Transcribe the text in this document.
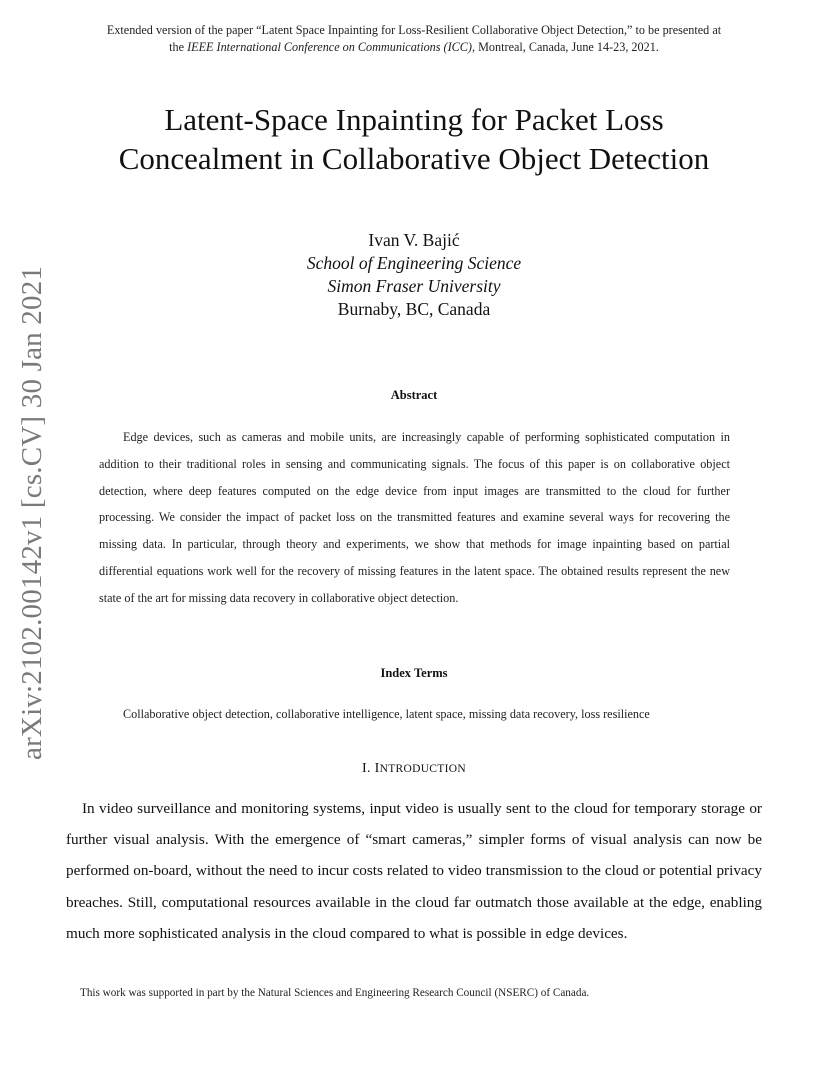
Extended version of the paper “Latent Space Inpainting for Loss-Resilient Collaborative Object Detection,” to be presented at
the IEEE International Conference on Communications (ICC), Montreal, Canada, June 14-23, 2021.
Latent-Space Inpainting for Packet Loss
Concealment in Collaborative Object Detection
Ivan V. Bajić
School of Engineering Science
Simon Fraser University
Burnaby, BC, Canada
arXiv:2102.00142v1 [cs.CV] 30 Jan 2021	Abstract
Edge devices, such as cameras and mobile units, are increasingly capable of performing sophisticated computation in addition to their traditional roles in sensing and communicating signals. The focus of this paper is on collaborative object detection, where deep features computed on the edge device from input images are transmitted to the cloud for further processing. We consider the impact of packet loss on the transmitted features and examine several ways for recovering the missing data. In particular, through theory and experiments, we show that methods for image inpainting based on partial differential equations work well for the recovery of missing features in the latent space. The obtained results represent the new state of the art for missing data recovery in collaborative object detection.
Index Terms
Collaborative object detection, collaborative intelligence, latent space, missing data recovery, loss resilience
I. INTRODUCTION
In video surveillance and monitoring systems, input video is usually sent to the cloud for temporary storage or further visual analysis. With the emergence of “smart cameras,” simpler forms of visual analysis can now be performed on-board, without the need to incur costs related to video transmission to the cloud or potential privacy breaches. Still, computational resources available in the cloud far outmatch those available at the edge, enabling much more sophisticated analysis in the cloud compared to what is possible in edge devices.
This work was supported in part by the Natural Sciences and Engineering Research Council (NSERC) of Canada.
